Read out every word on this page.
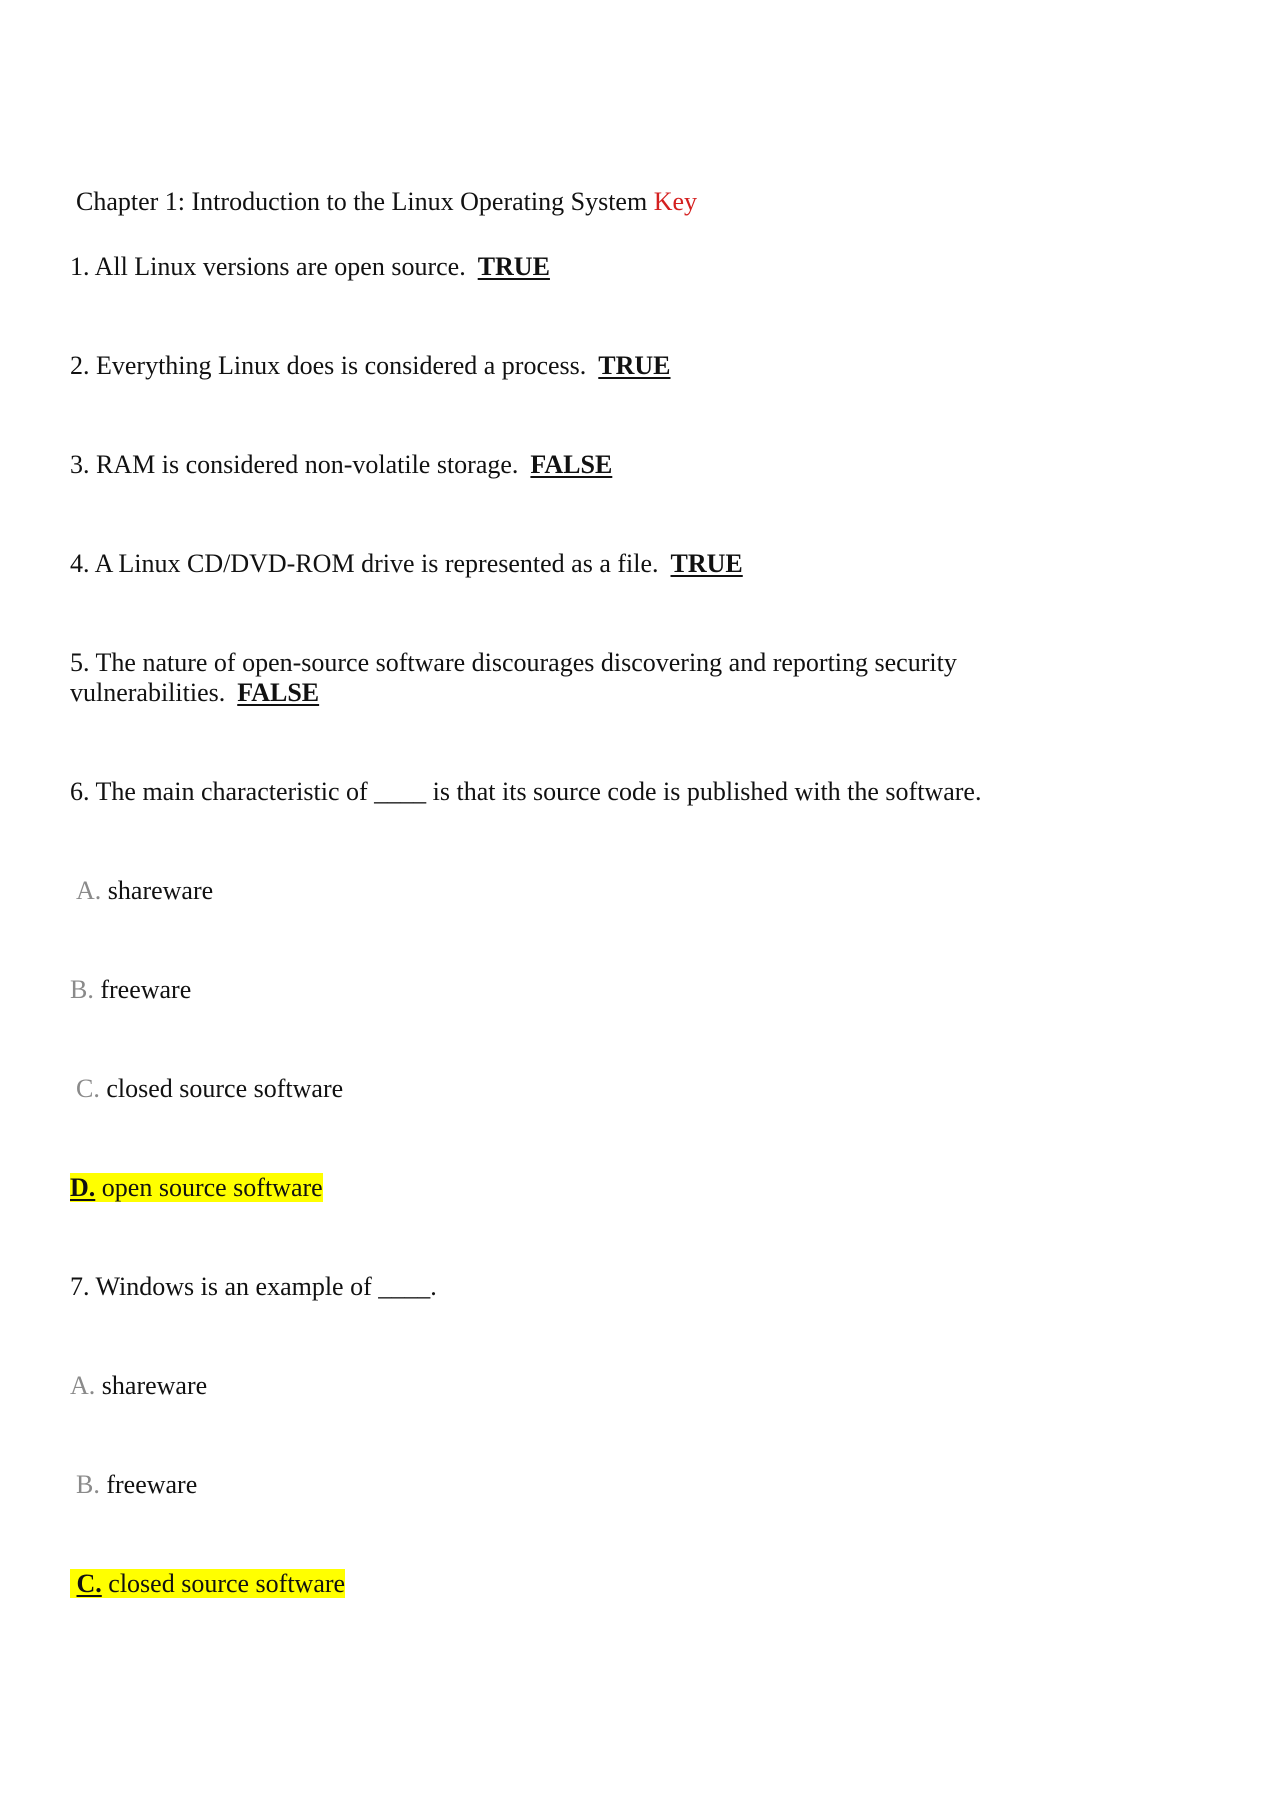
Chapter 1: Introduction to the Linux Operating System Key
1. All Linux versions are open source. TRUE
2. Everything Linux does is considered a process. TRUE
3. RAM is considered non-volatile storage. FALSE
4. A Linux CD/DVD-ROM drive is represented as a file. TRUE
5. The nature of open-source software discourages discovering and reporting security
vulnerabilities. FALSE
6. The main characteristic of ____ is that its source code is published with the software.
A. shareware
B. freeware
C. closed source software
D. open source software
7. Windows is an example of ____.
A. shareware
B. freeware
C. closed source software
